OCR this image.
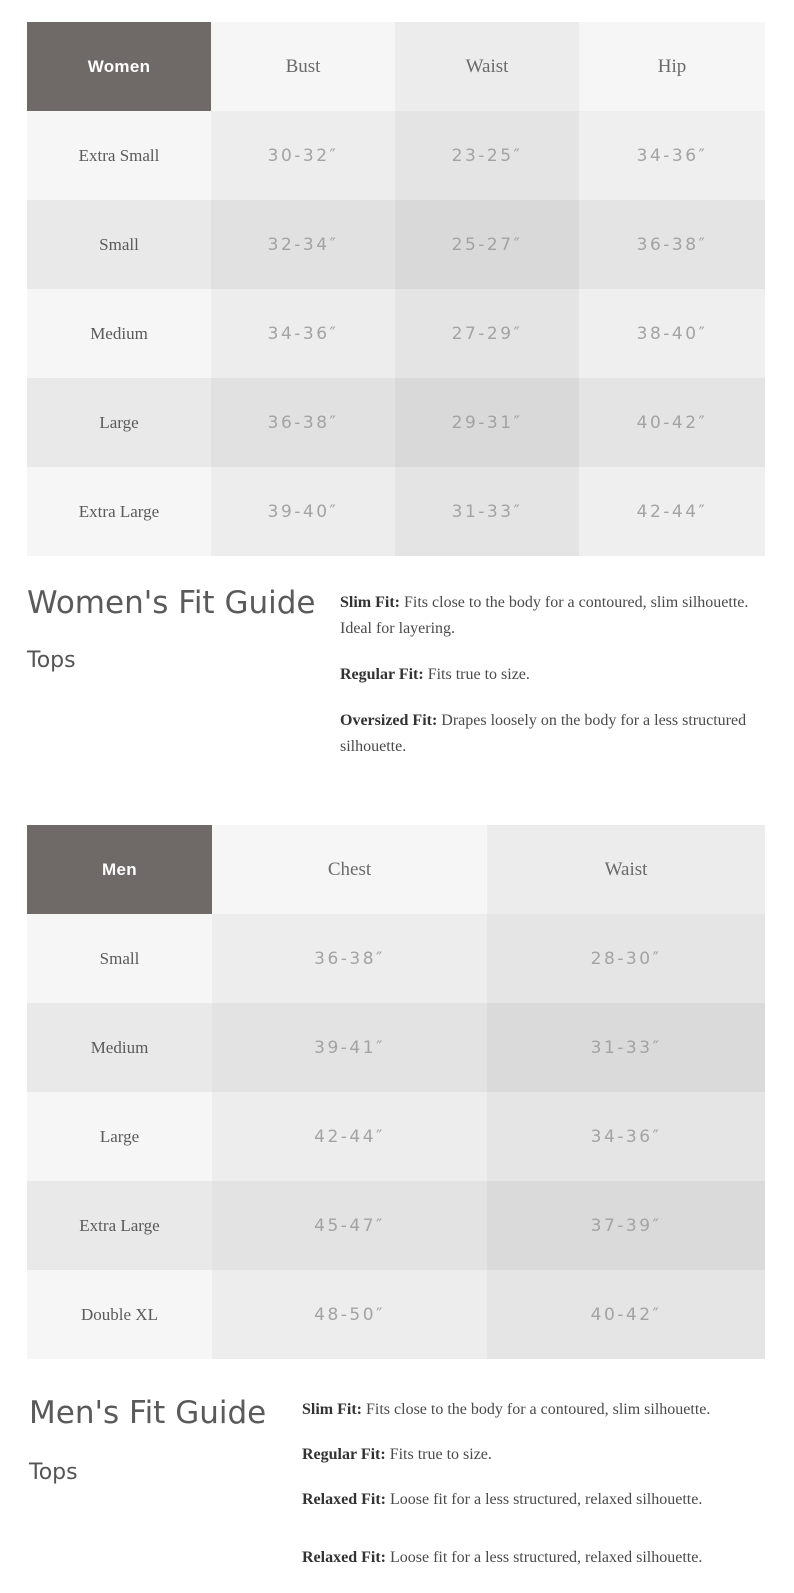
Women	Bust	Waist	Hip
Extra Small	30-32″	23-25″	34-36″
Small	32-34″	25-27″	36-38″
Medium	34-36″	27-29″	38-40″
Large	36-38″	29-31″	40-42″
Extra Large	39-40″	31-33″	42-44″
Women's Fit Guide
Tops

Slim Fit: Fits close to the body for a contoured, slim silhouette. Ideal for layering.

Regular Fit: Fits true to size.

Oversized Fit: Drapes loosely on the body for a less structured silhouette.

Men	Chest	Waist
Small	36-38″	28-30″
Medium	39-41″	31-33″
Large	42-44″	34-36″
Extra Large	45-47″	37-39″
Double XL	48-50″	40-42″
Men's Fit Guide
Tops

Slim Fit: Fits close to the body for a contoured, slim silhouette.

Regular Fit: Fits true to size.

Relaxed Fit: Loose fit for a less structured, relaxed silhouette.

Relaxed Fit: Loose fit for a less structured, relaxed silhouette.
